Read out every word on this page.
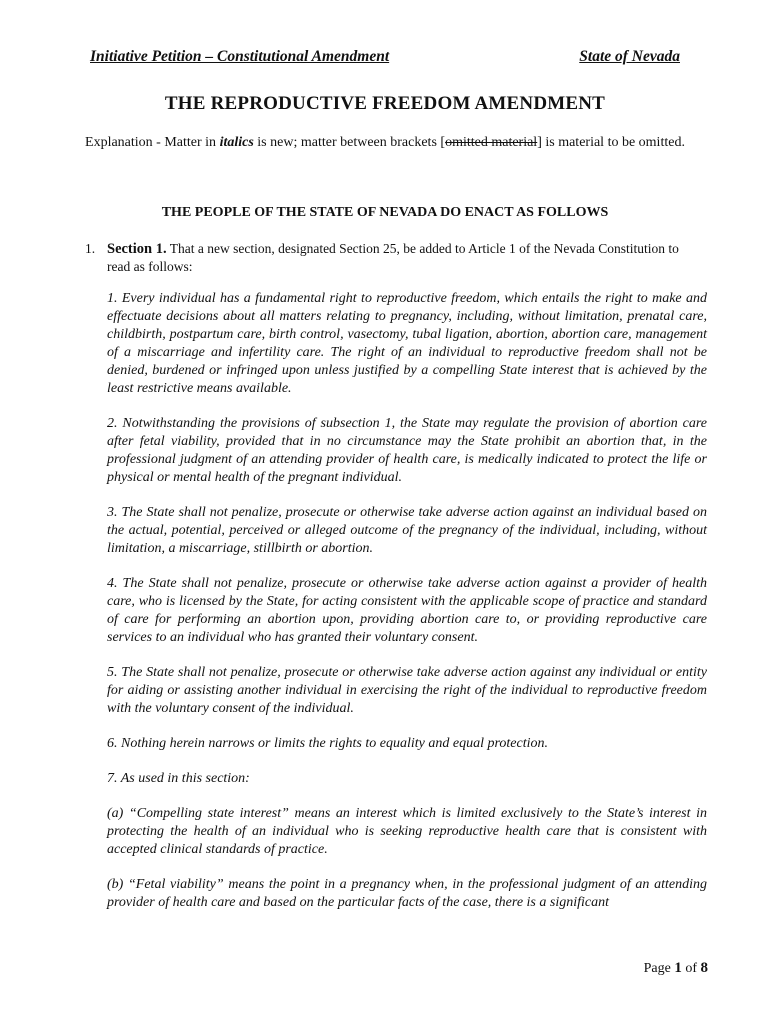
Initiative Petition – Constitutional Amendment	State of Nevada
THE REPRODUCTIVE FREEDOM AMENDMENT
Explanation - Matter in italics is new; matter between brackets [omitted material] is material to be omitted.
THE PEOPLE OF THE STATE OF NEVADA DO ENACT AS FOLLOWS
1. Section 1. That a new section, designated Section 25, be added to Article 1 of the Nevada Constitution to read as follows:

1. Every individual has a fundamental right to reproductive freedom, which entails the right to make and effectuate decisions about all matters relating to pregnancy, including, without limitation, prenatal care, childbirth, postpartum care, birth control, vasectomy, tubal ligation, abortion, abortion care, management of a miscarriage and infertility care. The right of an individual to reproductive freedom shall not be denied, burdened or infringed upon unless justified by a compelling State interest that is achieved by the least restrictive means available.

2. Notwithstanding the provisions of subsection 1, the State may regulate the provision of abortion care after fetal viability, provided that in no circumstance may the State prohibit an abortion that, in the professional judgment of an attending provider of health care, is medically indicated to protect the life or physical or mental health of the pregnant individual.

3. The State shall not penalize, prosecute or otherwise take adverse action against an individual based on the actual, potential, perceived or alleged outcome of the pregnancy of the individual, including, without limitation, a miscarriage, stillbirth or abortion.

4. The State shall not penalize, prosecute or otherwise take adverse action against a provider of health care, who is licensed by the State, for acting consistent with the applicable scope of practice and standard of care for performing an abortion upon, providing abortion care to, or providing reproductive care services to an individual who has granted their voluntary consent.

5. The State shall not penalize, prosecute or otherwise take adverse action against any individual or entity for aiding or assisting another individual in exercising the right of the individual to reproductive freedom with the voluntary consent of the individual.

6. Nothing herein narrows or limits the rights to equality and equal protection.

7. As used in this section:

(a) “Compelling state interest” means an interest which is limited exclusively to the State’s interest in protecting the health of an individual who is seeking reproductive health care that is consistent with accepted clinical standards of practice.

(b) “Fetal viability” means the point in a pregnancy when, in the professional judgment of an attending provider of health care and based on the particular facts of the case, there is a significant

Page 1 of 8
